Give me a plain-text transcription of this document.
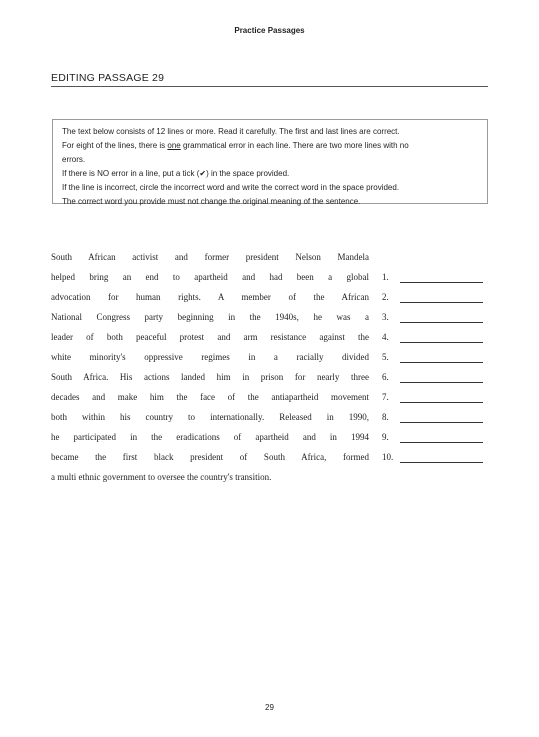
Practice Passages
EDITING PASSAGE 29

The text below consists of 12 lines or more. Read it carefully. The first and last lines are correct.

For eight of the lines, there is one grammatical error in each line. There are two more lines with no

errors.

If there is NO error in a line, put a tick (✔) in the space provided.

If the line is incorrect, circle the incorrect word and write the correct word in the space provided.

The correct word you provide must not change the original meaning of the sentence.

South African activist and former president Nelson Mandela
helped bring an end to apartheid and had been a global 1.
advocation for human rights. A member of the African 2.
National Congress party beginning in the 1940s, he was a 3.
leader of both peaceful protest and arm resistance against the 4.
white minority's oppressive regimes in a racially divided 5.
South Africa. His actions landed him in prison for nearly three 6.
decades and make him the face of the antiapartheid movement 7.
both within his country to internationally. Released in 1990, 8.
he participated in the eradications of apartheid and in 1994 9.
became the first black president of South Africa, formed 10.
a multi ethnic government to oversee the country's transition.
29
